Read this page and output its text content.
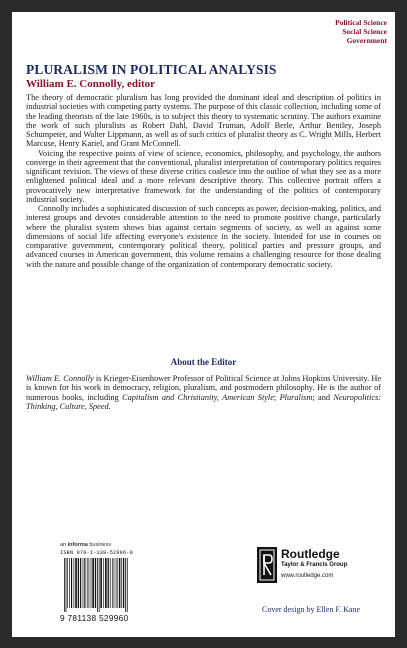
Political Science
Social Science
Government
PLURALISM IN POLITICAL ANALYSIS
William E. Connolly, editor

The theory of democratic pluralism has long provided the dominant ideal and description of politics in industrial societies with competing party systems. The purpose of this classic collection, including some of the leading theorists of the late 1960s, is to subject this theory to systematic scrutiny. The authors examine the work of such pluralists as Robert Dahl, David Truman, Adolf Berle, Arthur Bentley, Joseph Schumpeter, and Walter Lippmann, as well as of such critics of pluralist theory as C. Wright Mills, Herbert Marcuse, Henry Kariel, and Grant McConnell.

Voicing the respective points of view of science, economics, philosophy, and psychology, the authors converge in their agreement that the conventional, pluralist interpretation of contemporary politics requires significant revision. The views of these diverse critics coalesce into the outline of what they see as a more enlightened political ideal and a more relevant descriptive theory. This collective portrait offers a provocatively new interpretative framework for the understanding of the politics of contemporary industrial society.

Connolly includes a sophisticated discussion of such concepts as power, decision-making, politics, and interest groups and devotes considerable attention to the need to promote positive change, particularly where the pluralist system shows bias against certain segments of society, as well as against some dimensions of social life affecting everyone's existence in the society. Intended for use in courses on comparative government, contemporary political theory, political parties and pressure groups, and advanced courses in American government, this volume remains a challenging resource for those dealing with the nature and possible change of the organization of contemporary democratic society.

About the Editor

William E. Connolly is Krieger-Eisenhower Professor of Political Science at Johns Hopkins University. He is known for his work in democracy, religion, pluralism, and postmodern philosophy. He is the author of numerous books, including Capitalism and Christianity, American Style; Pluralism; and Neuropolitics: Thinking, Culture, Speed.

an informa business
ISBN 978-1-138-52996-0
9 781138 529960
Routledge
Taylor & Francis Group
www.routledge.com
Cover design by Ellen F. Kane
